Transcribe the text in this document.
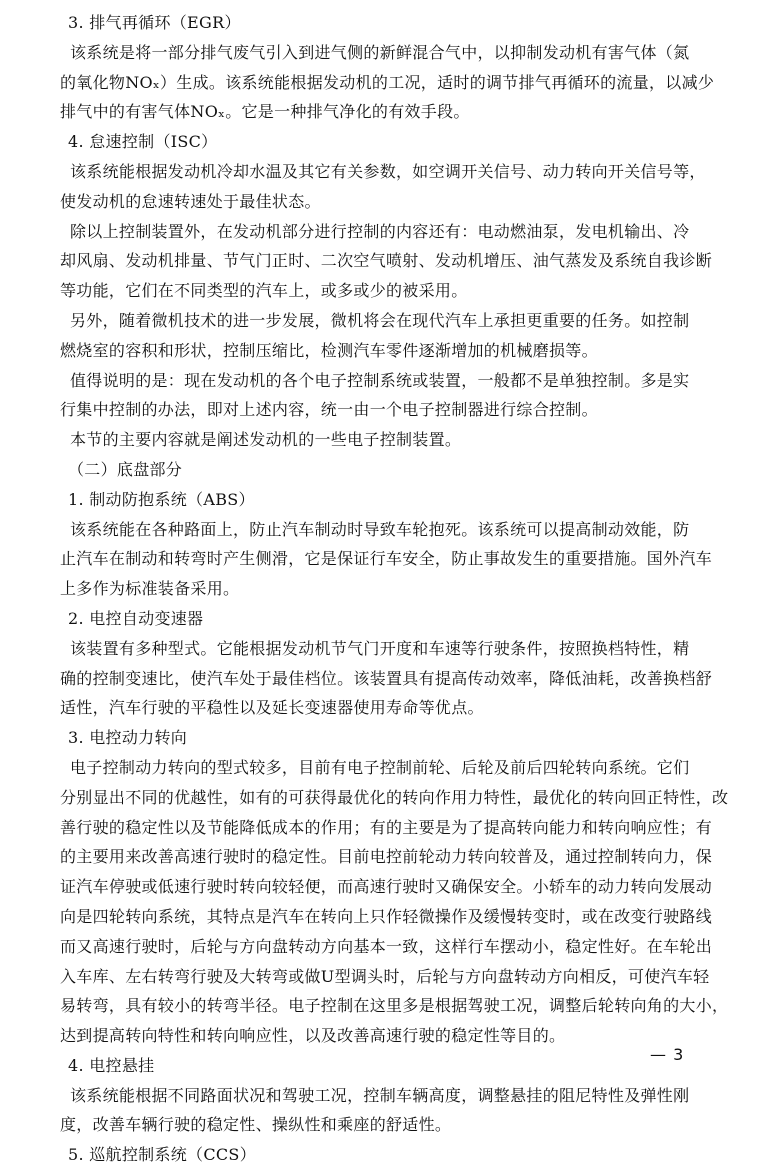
3. 排气再循环（EGR）
该系统是将一部分排气废气引入到进气侧的新鲜混合气中，以抑制发动机有害气体（氮
的氧化物NOₓ）生成。该系统能根据发动机的工况，适时的调节排气再循环的流量，以减少
排气中的有害气体NOₓ。它是一种排气净化的有效手段。
4. 怠速控制（ISC）
该系统能根据发动机冷却水温及其它有关参数，如空调开关信号、动力转向开关信号等，
使发动机的怠速转速处于最佳状态。
除以上控制装置外，在发动机部分进行控制的内容还有：电动燃油泵，发电机输出、冷
却风扇、发动机排量、节气门正时、二次空气喷射、发动机增压、油气蒸发及系统自我诊断
等功能，它们在不同类型的汽车上，或多或少的被采用。
另外，随着微机技术的进一步发展，微机将会在现代汽车上承担更重要的任务。如控制
燃烧室的容积和形状，控制压缩比，检测汽车零件逐渐增加的机械磨损等。
值得说明的是：现在发动机的各个电子控制系统或装置，一般都不是单独控制。多是实
行集中控制的办法，即对上述内容，统一由一个电子控制器进行综合控制。
本节的主要内容就是阐述发动机的一些电子控制装置。
（二）底盘部分
1. 制动防抱系统（ABS）
该系统能在各种路面上，防止汽车制动时导致车轮抱死。该系统可以提高制动效能，防
止汽车在制动和转弯时产生侧滑，它是保证行车安全，防止事故发生的重要措施。国外汽车
上多作为标准装备采用。
2. 电控自动变速器
该装置有多种型式。它能根据发动机节气门开度和车速等行驶条件，按照换档特性，精
确的控制变速比，使汽车处于最佳档位。该装置具有提高传动效率，降低油耗，改善换档舒
适性，汽车行驶的平稳性以及延长变速器使用寿命等优点。
3. 电控动力转向
电子控制动力转向的型式较多，目前有电子控制前轮、后轮及前后四轮转向系统。它们
分别显出不同的优越性，如有的可获得最优化的转向作用力特性，最优化的转向回正特性，改
善行驶的稳定性以及节能降低成本的作用；有的主要是为了提高转向能力和转向响应性；有
的主要用来改善高速行驶时的稳定性。目前电控前轮动力转向较普及，通过控制转向力，保
证汽车停驶或低速行驶时转向较轻便，而高速行驶时又确保安全。小轿车的动力转向发展动
向是四轮转向系统，其特点是汽车在转向上只作轻微操作及缓慢转变时，或在改变行驶路线
而又高速行驶时，后轮与方向盘转动方向基本一致，这样行车摆动小，稳定性好。在车轮出
入车库、左右转弯行驶及大转弯或做U型调头时，后轮与方向盘转动方向相反，可使汽车轻
易转弯，具有较小的转弯半径。电子控制在这里多是根据驾驶工况，调整后轮转向角的大小，
达到提高转向特性和转向响应性，以及改善高速行驶的稳定性等目的。
4. 电控悬挂
该系统能根据不同路面状况和驾驶工况，控制车辆高度，调整悬挂的阻尼特性及弹性刚
度，改善车辆行驶的稳定性、操纵性和乘座的舒适性。
5. 巡航控制系统（CCS）
— 3
